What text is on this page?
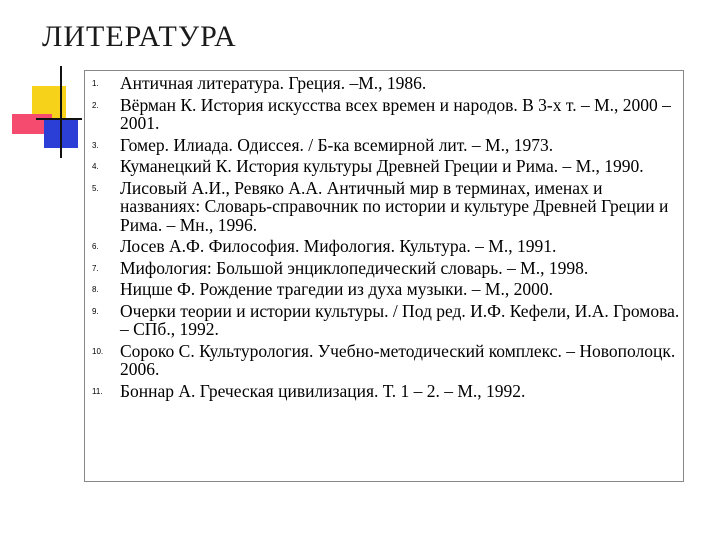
ЛИТЕРАТУРА
1. Античная литература. Греция. –М., 1986.
2. Вёрман К. История искусства всех времен и народов. В 3-х т. – М., 2000 – 2001.
3. Гомер. Илиада. Одиссея. / Б-ка всемирной лит. – М., 1973.
4. Куманецкий К. История культуры Древней Греции и Рима. – М., 1990.
5. Лисовый А.И., Ревяко А.А. Античный мир в терминах, именах и названиях: Словарь-справочник по истории и культуре Древней Греции и Рима. – Мн., 1996.
6. Лосев А.Ф. Философия. Мифология. Культура. – М., 1991.
7. Мифология: Большой энциклопедический словарь. – М., 1998.
8. Ницше Ф. Рождение трагедии из духа музыки. – М., 2000.
9. Очерки теории и истории культуры. / Под ред. И.Ф. Кефели, И.А. Громова. – СПб., 1992.
10. Сороко С. Культурология. Учебно-методический комплекс. – Новополоцк. 2006.
11. Боннар А. Греческая цивилизация. Т. 1 – 2. – М., 1992.
